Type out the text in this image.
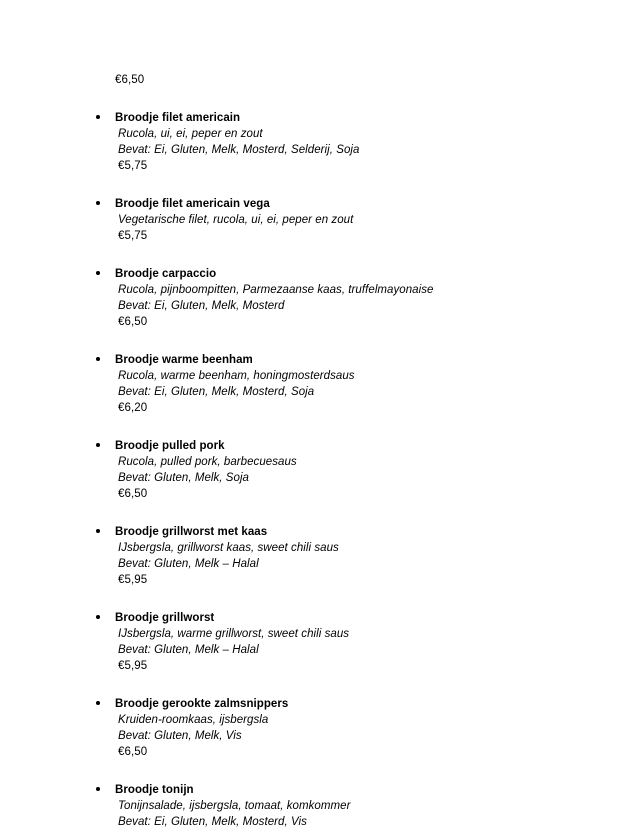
€6,50
Broodje filet americain
Rucola, ui, ei, peper en zout
Bevat: Ei, Gluten, Melk, Mosterd, Selderij, Soja
€5,75
Broodje filet americain vega
Vegetarische filet, rucola, ui, ei, peper en zout
€5,75
Broodje carpaccio
Rucola, pijnboompitten, Parmezaanse kaas, truffelmayonaise
Bevat: Ei, Gluten, Melk, Mosterd
€6,50
Broodje warme beenham
Rucola, warme beenham, honingmosterdsaus
Bevat: Ei, Gluten, Melk, Mosterd, Soja
€6,20
Broodje pulled pork
Rucola, pulled pork, barbecuesaus
Bevat: Gluten, Melk, Soja
€6,50
Broodje grillworst met kaas
IJsbergsla, grillworst kaas, sweet chili saus
Bevat: Gluten, Melk – Halal
€5,95
Broodje grillworst
IJsbergsla, warme grillworst, sweet chili saus
Bevat: Gluten, Melk – Halal
€5,95
Broodje gerookte zalmsnippers
Kruiden-roomkaas, ijsbergsla
Bevat: Gluten, Melk, Vis
€6,50
Broodje tonijn
Tonijnsalade, ijsbergsla, tomaat, komkommer
Bevat: Ei, Gluten, Melk, Mosterd, Vis
